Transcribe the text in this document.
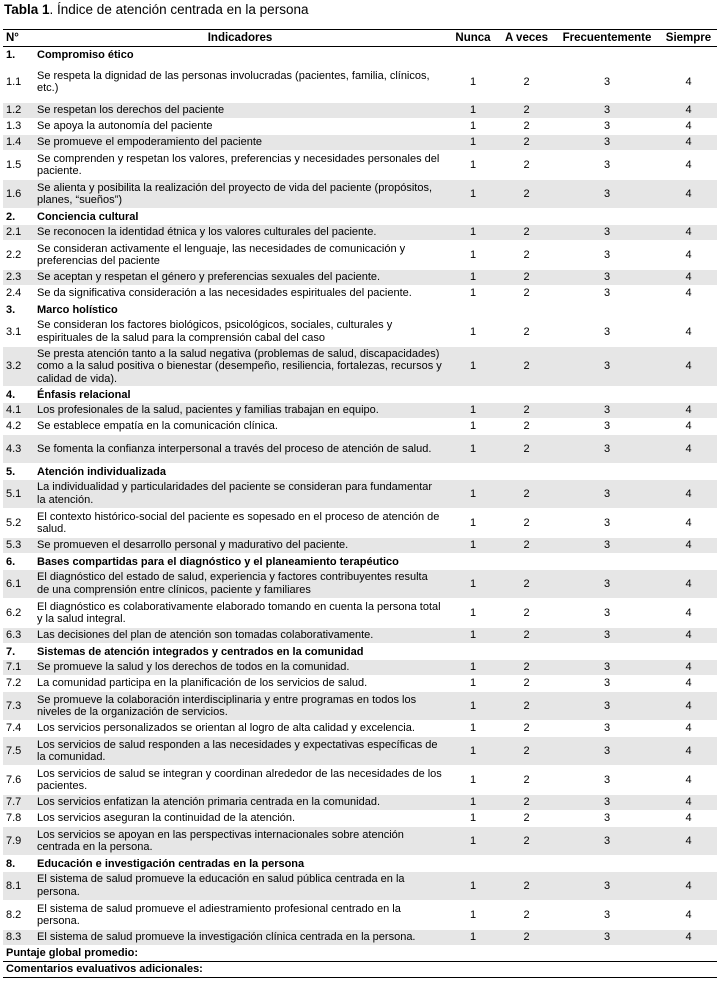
Tabla 1. Índice de atención centrada en la persona
N°	Indicadores	Nunca	A veces	Frecuentemente	Siempre
1.	Compromiso ético				
1.1	Se respeta la dignidad de las personas involucradas (pacientes, familia, clínicos, etc.)	1	2	3	4
1.2	Se respetan los derechos del paciente	1	2	3	4
1.3	Se apoya la autonomía del paciente	1	2	3	4
1.4	Se promueve el empoderamiento del paciente	1	2	3	4
1.5	Se comprenden y respetan los valores, preferencias y necesidades personales del paciente.	1	2	3	4
1.6	Se alienta y posibilita la realización del proyecto de vida del paciente (propósitos, planes, “sueños”)	1	2	3	4
2.	Conciencia cultural				
2.1	Se reconocen la identidad étnica y los valores culturales del paciente.	1	2	3	4
2.2	Se consideran activamente el lenguaje, las necesidades de comunicación y preferencias del paciente	1	2	3	4
2.3	Se aceptan y respetan el género y preferencias sexuales del paciente.	1	2	3	4
2.4	Se da significativa consideración a las necesidades espirituales del paciente.	1	2	3	4
3.	Marco holístico				
3.1	Se consideran los factores biológicos, psicológicos, sociales, culturales y espirituales de la salud para la comprensión cabal del caso	1	2	3	4
3.2	Se presta atención tanto a la salud negativa (problemas de salud, discapacidades) como a la salud positiva o bienestar (desempeño, resiliencia, fortalezas, recursos y calidad de vida).	1	2	3	4
4.	Énfasis relacional				
4.1	Los profesionales de la salud, pacientes y familias trabajan en equipo.	1	2	3	4
4.2	Se establece empatía en la comunicación clínica.	1	2	3	4
4.3	Se fomenta la confianza interpersonal a través del proceso de atención de salud.	1	2	3	4
5.	Atención individualizada				
5.1	La individualidad y particularidades del paciente se consideran para fundamentar la atención.	1	2	3	4
5.2	El contexto histórico-social del paciente es sopesado en el proceso de atención de salud.	1	2	3	4
5.3	Se promueven el desarrollo personal y madurativo del paciente.	1	2	3	4
6.	Bases compartidas para el diagnóstico y el planeamiento terapéutico				
6.1	El diagnóstico del estado de salud, experiencia y factores contribuyentes resulta de una comprensión entre clínicos, paciente y familiares	1	2	3	4
6.2	El diagnóstico es colaborativamente elaborado tomando en cuenta la persona total y la salud integral.	1	2	3	4
6.3	Las decisiones del plan de atención son tomadas colaborativamente.	1	2	3	4
7.	Sistemas de atención integrados y centrados en la comunidad				
7.1	Se promueve la salud y los derechos de todos en la comunidad.	1	2	3	4
7.2	La comunidad participa en la planificación de los servicios de salud.	1	2	3	4
7.3	Se promueve la colaboración interdisciplinaria y entre programas en todos los niveles de la organización de servicios.	1	2	3	4
7.4	Los servicios personalizados se orientan al logro de alta calidad y excelencia.	1	2	3	4
7.5	Los servicios de salud responden a las necesidades y expectativas específicas de la comunidad.	1	2	3	4
7.6	Los servicios de salud se integran y coordinan alrededor de las necesidades de los pacientes.	1	2	3	4
7.7	Los servicios enfatizan la atención primaria centrada en la comunidad.	1	2	3	4
7.8	Los servicios aseguran la continuidad de la atención.	1	2	3	4
7.9	Los servicios se apoyan en las perspectivas internacionales sobre atención centrada en la persona.	1	2	3	4
8.	Educación e investigación centradas en la persona				
8.1	El sistema de salud promueve la educación en salud pública centrada en la persona.	1	2	3	4
8.2	El sistema de salud promueve el adiestramiento profesional centrado en la persona.	1	2	3	4
8.3	El sistema de salud promueve la investigación clínica centrada en la persona.	1	2	3	4
Puntaje global promedio:					
Comentarios evaluativos adicionales:					
